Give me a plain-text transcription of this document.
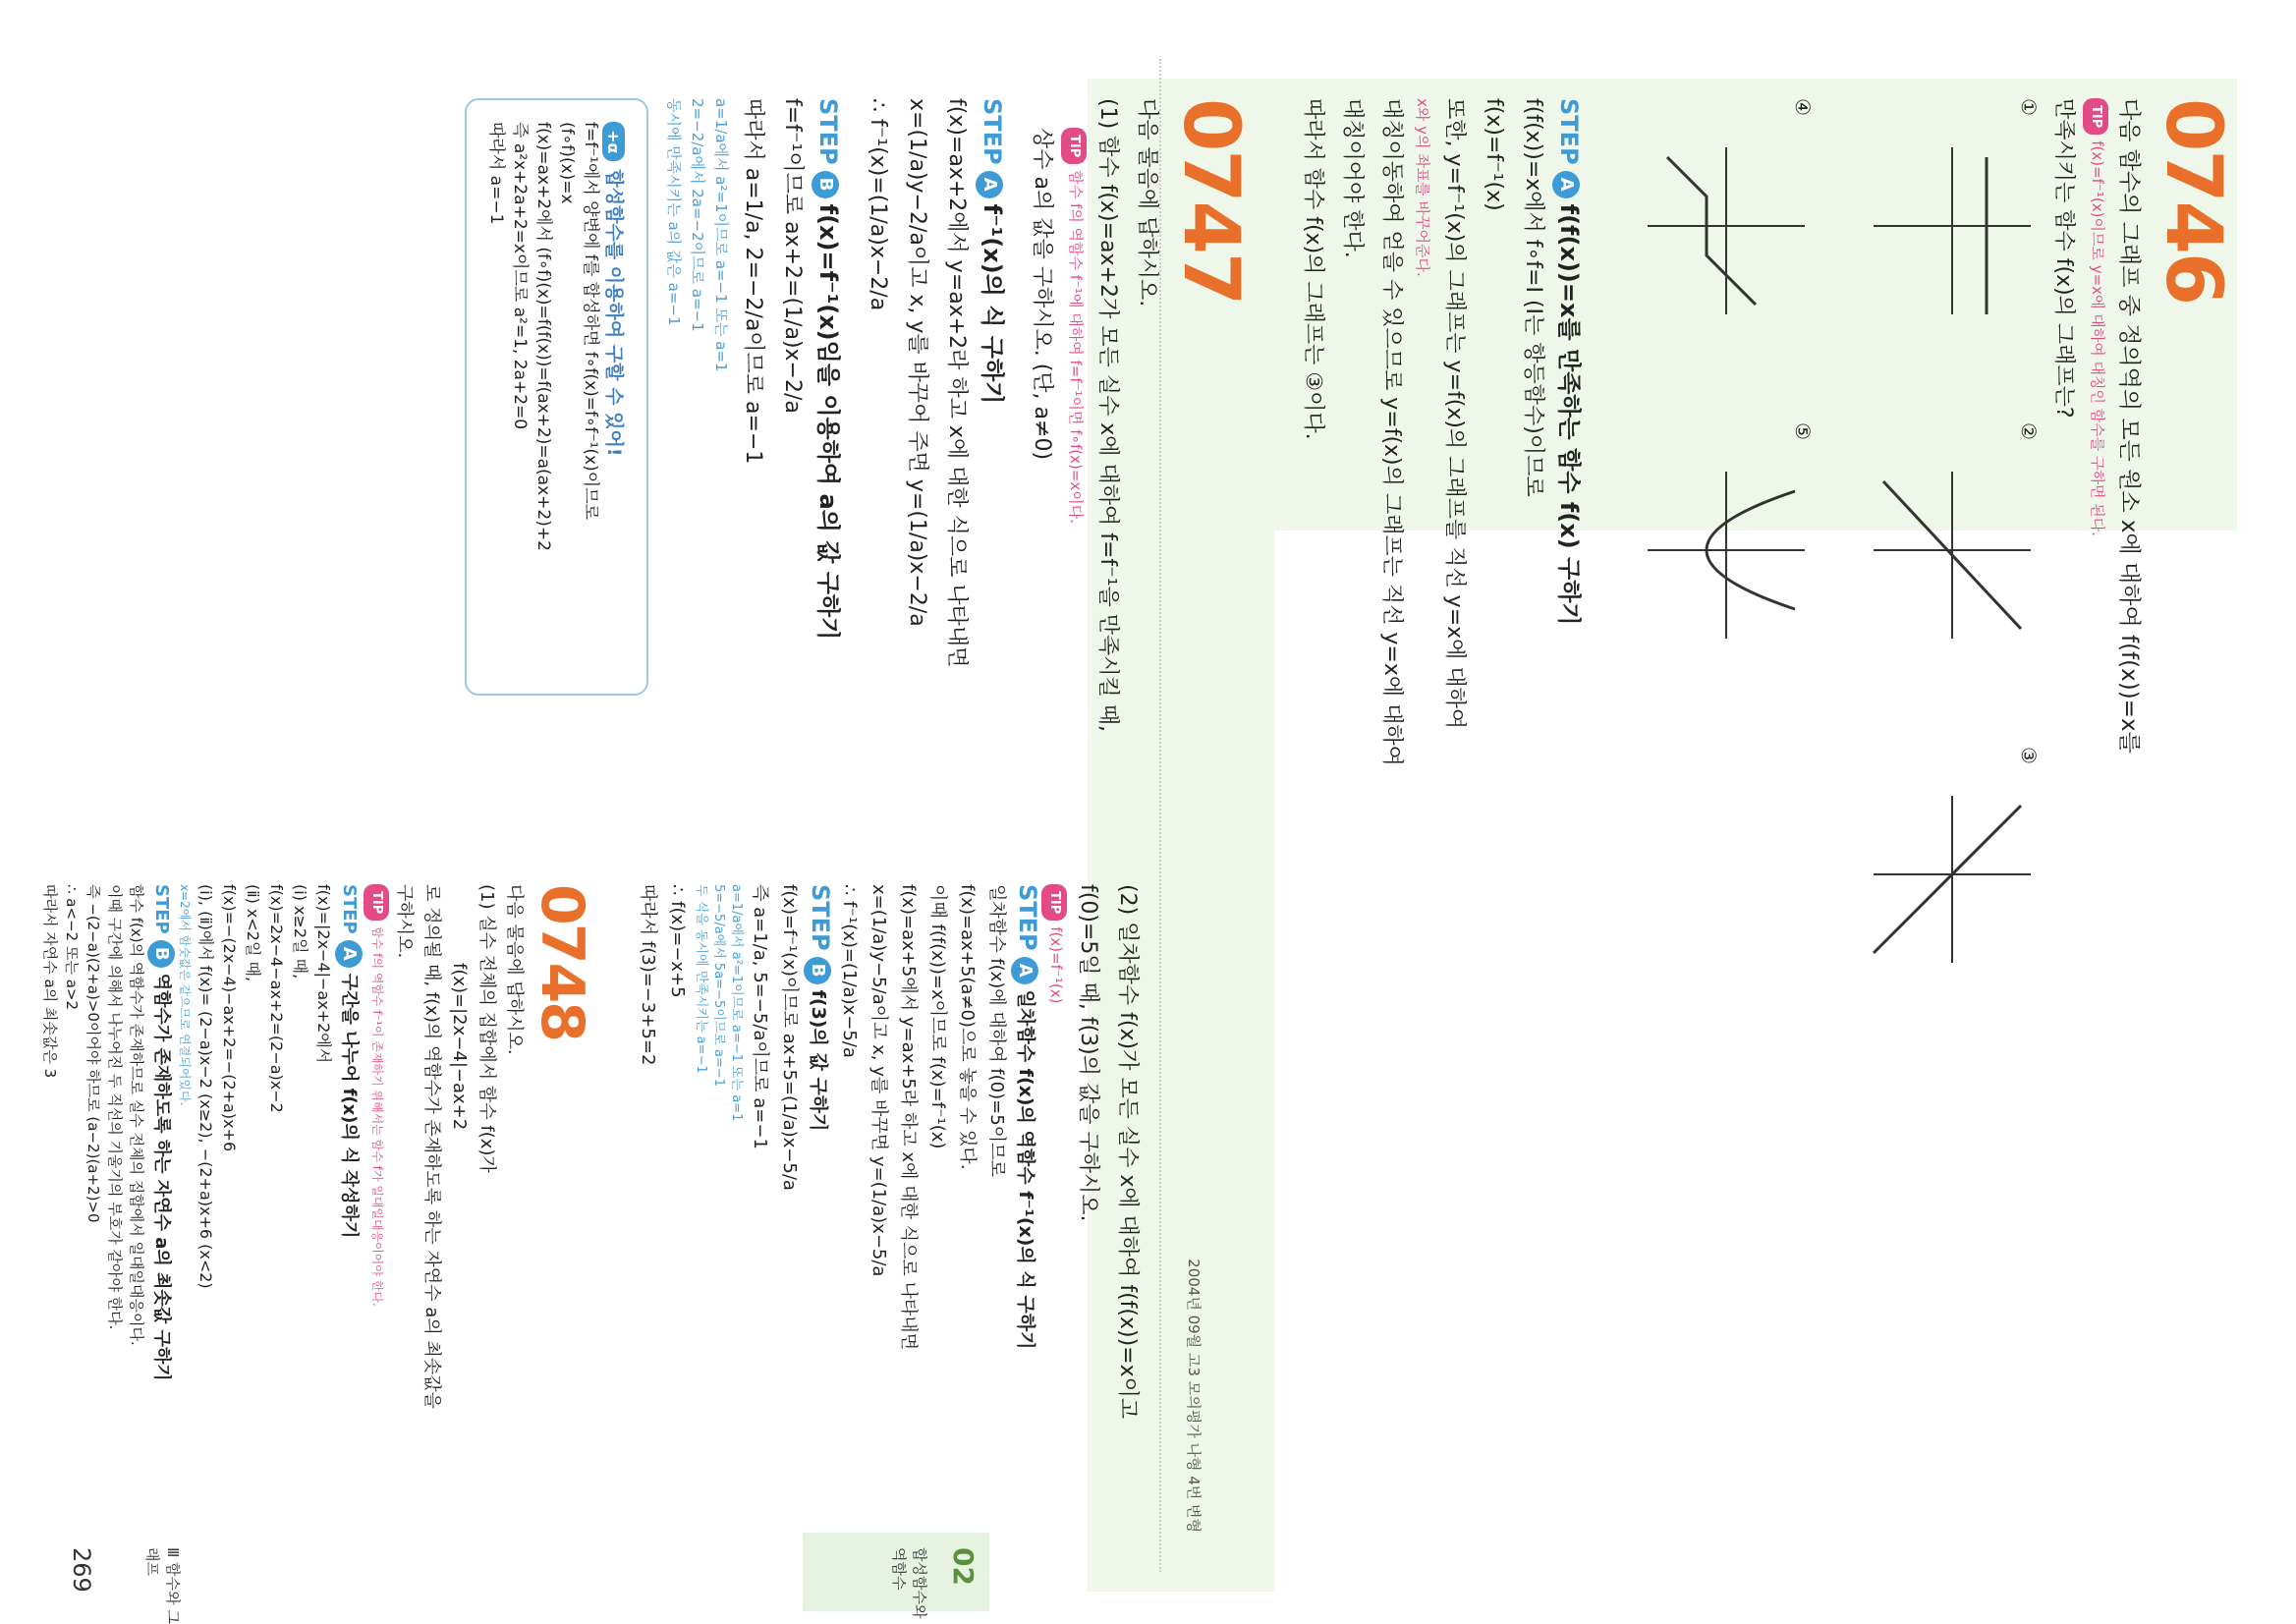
0746
다음 함수의 그래프 중 정의역의 모든 원소 x에 대하여 f(f(x))=x를
TIPf(x)=f⁻¹(x)이므로 y=x에 대하여 대칭인 함수를 구하면 된다.
만족시키는 함수 f(x)의 그래프는?
①
②
③
④
⑤
STEPAf(f(x))=x를 만족하는 함수 f(x) 구하기
f(f(x))=x에서 f∘f=I (I는 항등함수)이므로
f(x)=f⁻¹(x)
또한, y=f⁻¹(x)의 그래프는 y=f(x)의 그래프를 직선 y=x에 대하여
x와 y의 좌표를 바꾸어준다.
대칭이동하여 얻을 수 있으므로 y=f(x)의 그래프는 직선 y=x에 대하여
대칭이어야 한다.
따라서 함수 f(x)의 그래프는 ③이다.
0747
2004년 09월 고3 모의평가 나형 4번 변형
다음 물음에 답하시오.
(1) 함수 f(x)=ax+2가 모든 실수 x에 대하여 f=f⁻¹을 만족시킬 때,
TIP함수 f의 역함수 f⁻¹에 대하여 f=f⁻¹이면 f∘f(x)=x이다.
상수 a의 값을 구하시오. (단, a≠0)
STEPAf⁻¹(x)의 식 구하기
f(x)=ax+2에서 y=ax+2라 하고 x에 대한 식으로 나타내면
x=(1/a)y−2/a이고 x, y를 바꾸어 주면 y=(1/a)x−2/a
∴ f⁻¹(x)=(1/a)x−2/a
STEPBf(x)=f⁻¹(x)임을 이용하여 a의 값 구하기
f=f⁻¹이므로 ax+2=(1/a)x−2/a
따라서 a=1/a, 2=−2/a이므로 a=−1
a=1/a에서 a²=1이므로 a=−1 또는 a=1
2=−2/a에서 2a=−2이므로 a=−1
동시에 만족시키는 a의 값은 a=−1
+α합성함수를 이용하여 구할 수 있어!
f=f⁻¹에서 양변에 f를 합성하면 f∘f(x)=f∘f⁻¹(x)이므로
(f∘f)(x)=x
f(x)=ax+2에서 (f∘f)(x)=f(f(x))=f(ax+2)=a(ax+2)+2
즉 a²x+2a+2=x이므로 a²=1, 2a+2=0
따라서 a=−1
(2) 일차함수 f(x)가 모든 실수 x에 대하여 f(f(x))=x이고
f(0)=5일 때, f(3)의 값을 구하시오.
TIPf(x)=f⁻¹(x)
STEPA일차함수 f(x)의 역함수 f⁻¹(x)의 식 구하기
일차함수 f(x)에 대하여 f(0)=5이므로
f(x)=ax+5(a≠0)으로 놓을 수 있다.
이때 f(f(x))=x이므로 f(x)=f⁻¹(x)
f(x)=ax+5에서 y=ax+5라 하고 x에 대한 식으로 나타내면
x=(1/a)y−5/a이고 x, y를 바꾸면 y=(1/a)x−5/a
∴ f⁻¹(x)=(1/a)x−5/a
STEPBf(3)의 값 구하기
f(x)=f⁻¹(x)이므로 ax+5=(1/a)x−5/a
즉 a=1/a, 5=−5/a이므로 a=−1
a=1/a에서 a²=1이므로 a=−1 또는 a=1
5=−5/a에서 5a=−5이므로 a=−1
두 식을 동시에 만족시키는 a=−1
∴ f(x)=−x+5
따라서 f(3)=−3+5=2
0748
다음 물음에 답하시오.
(1) 실수 전체의 집합에서 함수 f(x)가
f(x)=|2x−4|−ax+2
로 정의될 때, f(x)의 역함수가 존재하도록 하는 자연수 a의 최솟값을
구하시오.
TIP함수 f의 역함수 f⁻¹이 존재하기 위해서는 함수 f가 일대일대응이어야 한다.
STEPA구간을 나누어 f(x)의 식 작성하기
f(x)=|2x−4|−ax+2에서
(ⅰ) x≥2일 때,
f(x)=2x−4−ax+2=(2−a)x−2
(ⅱ) x<2일 때,
f(x)=−(2x−4)−ax+2=−(2+a)x+6
(ⅰ), (ⅱ)에서 f(x)= (2−a)x−2 (x≥2), −(2+a)x+6 (x<2)
x=2에서 함숫값은 같으므로 연결되어있다.
STEPB역함수가 존재하도록 하는 자연수 a의 최솟값 구하기
함수 f(x)의 역함수가 존재하므로 실수 전체의 집합에서 일대일대응이다.
이때 구간에 의해서 나누어진 두 직선의 기울기의 부호가 같아야 한다.
즉 −(2−a)(2+a)>0이어야 하므로 (a−2)(a+2)>0
∴ a<−2 또는 a>2
따라서 자연수 a의 최솟값은 3
02
합성함수와 역함수
Ⅲ 함수와 그래프
269
